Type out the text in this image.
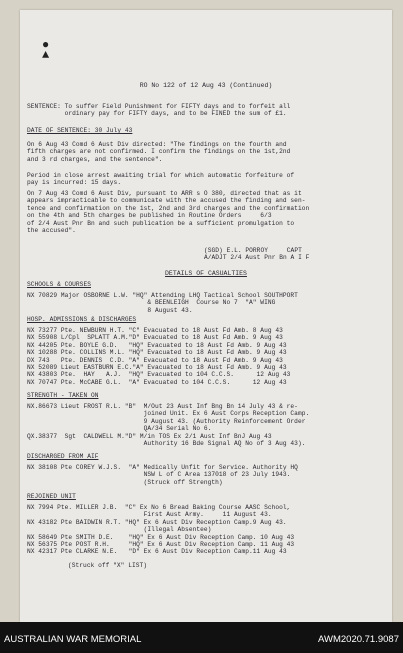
●
▲
RO No 122 of 12 Aug 43 (Continued)
SENTENCE: To suffer Field Punishment for FIFTY days and to forfeit all
ordinary pay for FIFTY days, and to be FINED the sum of £1.
DATE OF SENTENCE: 30 July 43
On 6 Aug 43 Comd 6 Aust Div directed: "The findings on the fourth and
fifth charges are not confirmed. I confirm the findings on the 1st,2nd
and 3 rd charges, and the sentence".
Period in close arrest awaiting trial for which automatic forfeiture of
pay is incurred: 15 days.
On 7 Aug 43 Comd 6 Aust Div, pursuant to ARR s O 380, directed that as it
appears impracticable to communicate with the accused the finding and sen-
tence and confirmation on the 1st, 2nd and 3rd charges and the confirmation
on the 4th and 5th charges be published in Routine Orders     6/3
of 2/4 Aust Pnr Bn and such publication be a sufficient promulgation to
the accused".
(SGD) E.L. PORROY     CAPT
A/ADJT 2/4 Aust Pnr Bn A I F
DETAILS OF CASUALTIES
SCHOOLS & COURSES
NX 70829 Major OSBORNE L.W. "HQ" Attending LHQ Tactical School SOUTHPORT
& BEENLEIGH  Course No 7  "A" WING
8 August 43.
HOSP. ADMISSIONS & DISCHARGES
NX 73277 Pte. NEWBURN H.T. "C" Evacuated to 18 Aust Fd Amb. 8 Aug 43
NX 55908 L/Cpl  SPLATT A.M."D" Evacuated to 18 Aust Fd Amb. 9 Aug 43
NX 44205 Pte. BOYLE G.D.   "HQ" Evacuated to 18 Aust Fd Amb. 9 Aug 43
NX 10288 Pte. COLLINS M.L. "HQ" Evacuated to 18 Aust Fd Amb. 9 Aug 43
DX 743   Pte. DENNIS  C.D. "A" Evacuated to 18 Aust Fd Amb. 9 Aug 43
NX 52089 Lieut EASTBURN E.C."A" Evacuated to 18 Aust Fd Amb. 9 Aug 43
NX 43803 Pte.  HAY   A.J.  "HQ" Evacuated to 104 C.C.S.      12 Aug 43
NX 70747 Pte. McCABE G.L.  "A" Evacuated to 104 C.C.S.      12 Aug 43
STRENGTH - TAKEN ON
NX.86673 Lieut FROST R.L. "B"  M/Out 23 Aust Inf Bng Bn 14 July 43 & re-
joined Unit. Ex 6 Aust Corps Reception Camp.
9 August 43. (Authority Reinforcement Order
QA/34 Serial No 6.
QX.38377  Sgt  CALDWELL M."D" M/in TOS Ex 2/1 Aust Inf BnJ Aug 43
Authority 16 Bde Signal AQ No of 3 Aug 43).
DISCHARGED FROM AIF
NX 38108 Pte COREY W.J.S.  "A" Medically Unfit for Service. Authority HQ
NSW L of C Area 137018 of 23 July 1943.
(Struck off Strength)
REJOINED UNIT
NX 7994 Pte. MILLER J.B.  "C" Ex No 6 Bread Baking Course AASC School,
First Aust Army.     11 August 43.
NX 43182 Pte BAIDWIN R.T. "HQ" Ex 6 Aust Div Reception Camp.9 Aug 43.
(Illegal Absentee)
NX 58649 Pte SMITH D.E.    "HQ" Ex 6 Aust Div Reception Camp. 10 Aug 43
NX 56375 Pte POST R.H.     "HQ" Ex 6 Aust Div Reception Camp. 11 Aug 43
NX 42317 Pte CLARKE N.E.   "D" Ex 6 Aust Div Reception Camp.11 Aug 43
(Struck off "X" LIST)
AUSTRALIAN WAR MEMORIAL	AWM2020.71.9087
